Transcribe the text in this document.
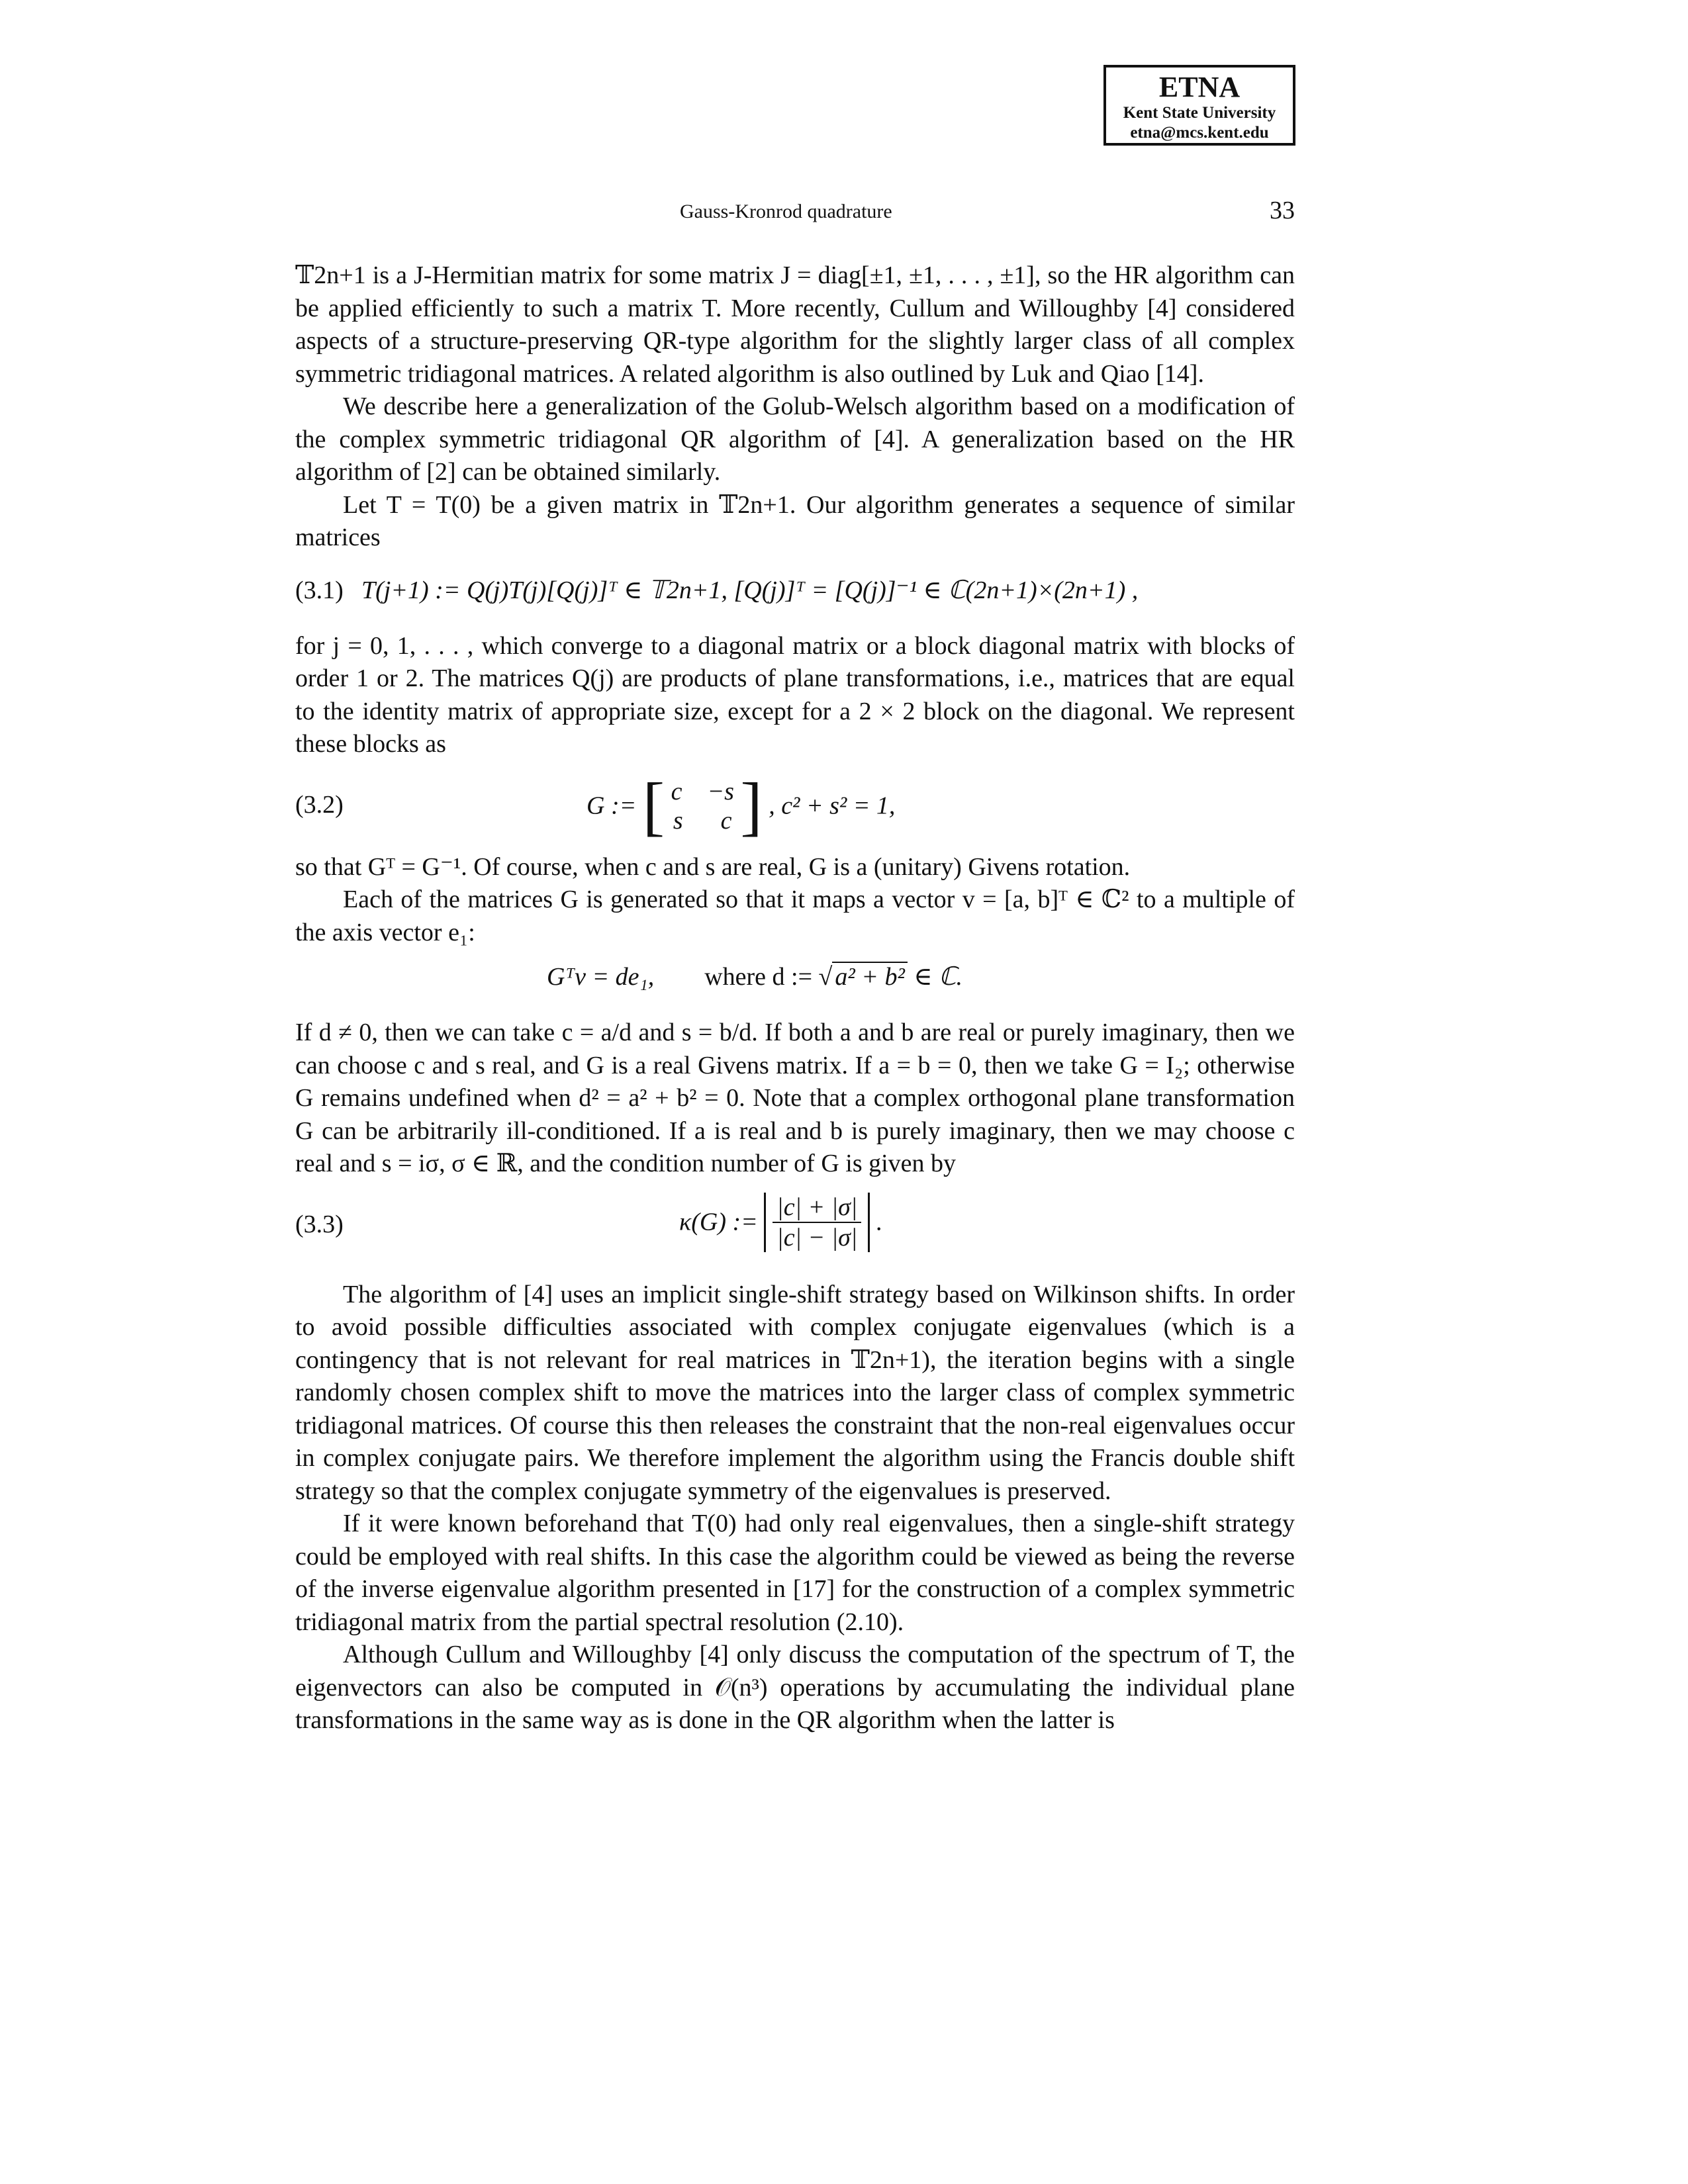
ETNA
Kent State University
etna@mcs.kent.edu
Gauss-Kronrod quadrature	33

𝕋2n+1 is a J-Hermitian matrix for some matrix J = diag[±1, ±1, . . . , ±1], so the HR algorithm can be applied efficiently to such a matrix T. More recently, Cullum and Willoughby [4] considered aspects of a structure-preserving QR-type algorithm for the slightly larger class of all complex symmetric tridiagonal matrices. A related algorithm is also outlined by Luk and Qiao [14].

We describe here a generalization of the Golub-Welsch algorithm based on a modification of the complex symmetric tridiagonal QR algorithm of [4]. A generalization based on the HR algorithm of [2] can be obtained similarly.

Let T = T(0) be a given matrix in 𝕋2n+1. Our algorithm generates a sequence of similar matrices

(3.1) T(j+1) := Q(j)T(j)[Q(j)]ᵀ ∈ 𝕋2n+1, [Q(j)]ᵀ = [Q(j)]⁻¹ ∈ ℂ(2n+1)×(2n+1) ,

for j = 0, 1, . . . , which converge to a diagonal matrix or a block diagonal matrix with blocks of order 1 or 2. The matrices Q(j) are products of plane transformations, i.e., matrices that are equal to the identity matrix of appropriate size, except for a 2 × 2 block on the diagonal. We represent these blocks as

(3.2)	G := [ c −s
s c ] , c² + s² = 1,

so that Gᵀ = G⁻¹. Of course, when c and s are real, G is a (unitary) Givens rotation.

Each of the matrices G is generated so that it maps a vector v = [a, b]ᵀ ∈ ℂ² to a multiple of the axis vector e₁:

Gᵀv = de₁, where d := √ a² + b² ∈ ℂ.

If d ≠ 0, then we can take c = a/d and s = b/d. If both a and b are real or purely imaginary, then we can choose c and s real, and G is a real Givens matrix. If a = b = 0, then we take G = I₂; otherwise G remains undefined when d² = a² + b² = 0. Note that a complex orthogonal plane transformation G can be arbitrarily ill-conditioned. If a is real and b is purely imaginary, then we may choose c real and s = iσ, σ ∈ ℝ, and the condition number of G is given by

(3.3)	κ(G) := $\frac{|c| + |\sigma|}{|c| - |\sigma|}$ .

The algorithm of [4] uses an implicit single-shift strategy based on Wilkinson shifts. In order to avoid possible difficulties associated with complex conjugate eigenvalues (which is a contingency that is not relevant for real matrices in 𝕋2n+1), the iteration begins with a single randomly chosen complex shift to move the matrices into the larger class of complex symmetric tridiagonal matrices. Of course this then releases the constraint that the non-real eigenvalues occur in complex conjugate pairs. We therefore implement the algorithm using the Francis double shift strategy so that the complex conjugate symmetry of the eigenvalues is preserved.

If it were known beforehand that T(0) had only real eigenvalues, then a single-shift strategy could be employed with real shifts. In this case the algorithm could be viewed as being the reverse of the inverse eigenvalue algorithm presented in [17] for the construction of a complex symmetric tridiagonal matrix from the partial spectral resolution (2.10).

Although Cullum and Willoughby [4] only discuss the computation of the spectrum of T, the eigenvectors can also be computed in 𝒪(n³) operations by accumulating the individual plane transformations in the same way as is done in the QR algorithm when the latter is
